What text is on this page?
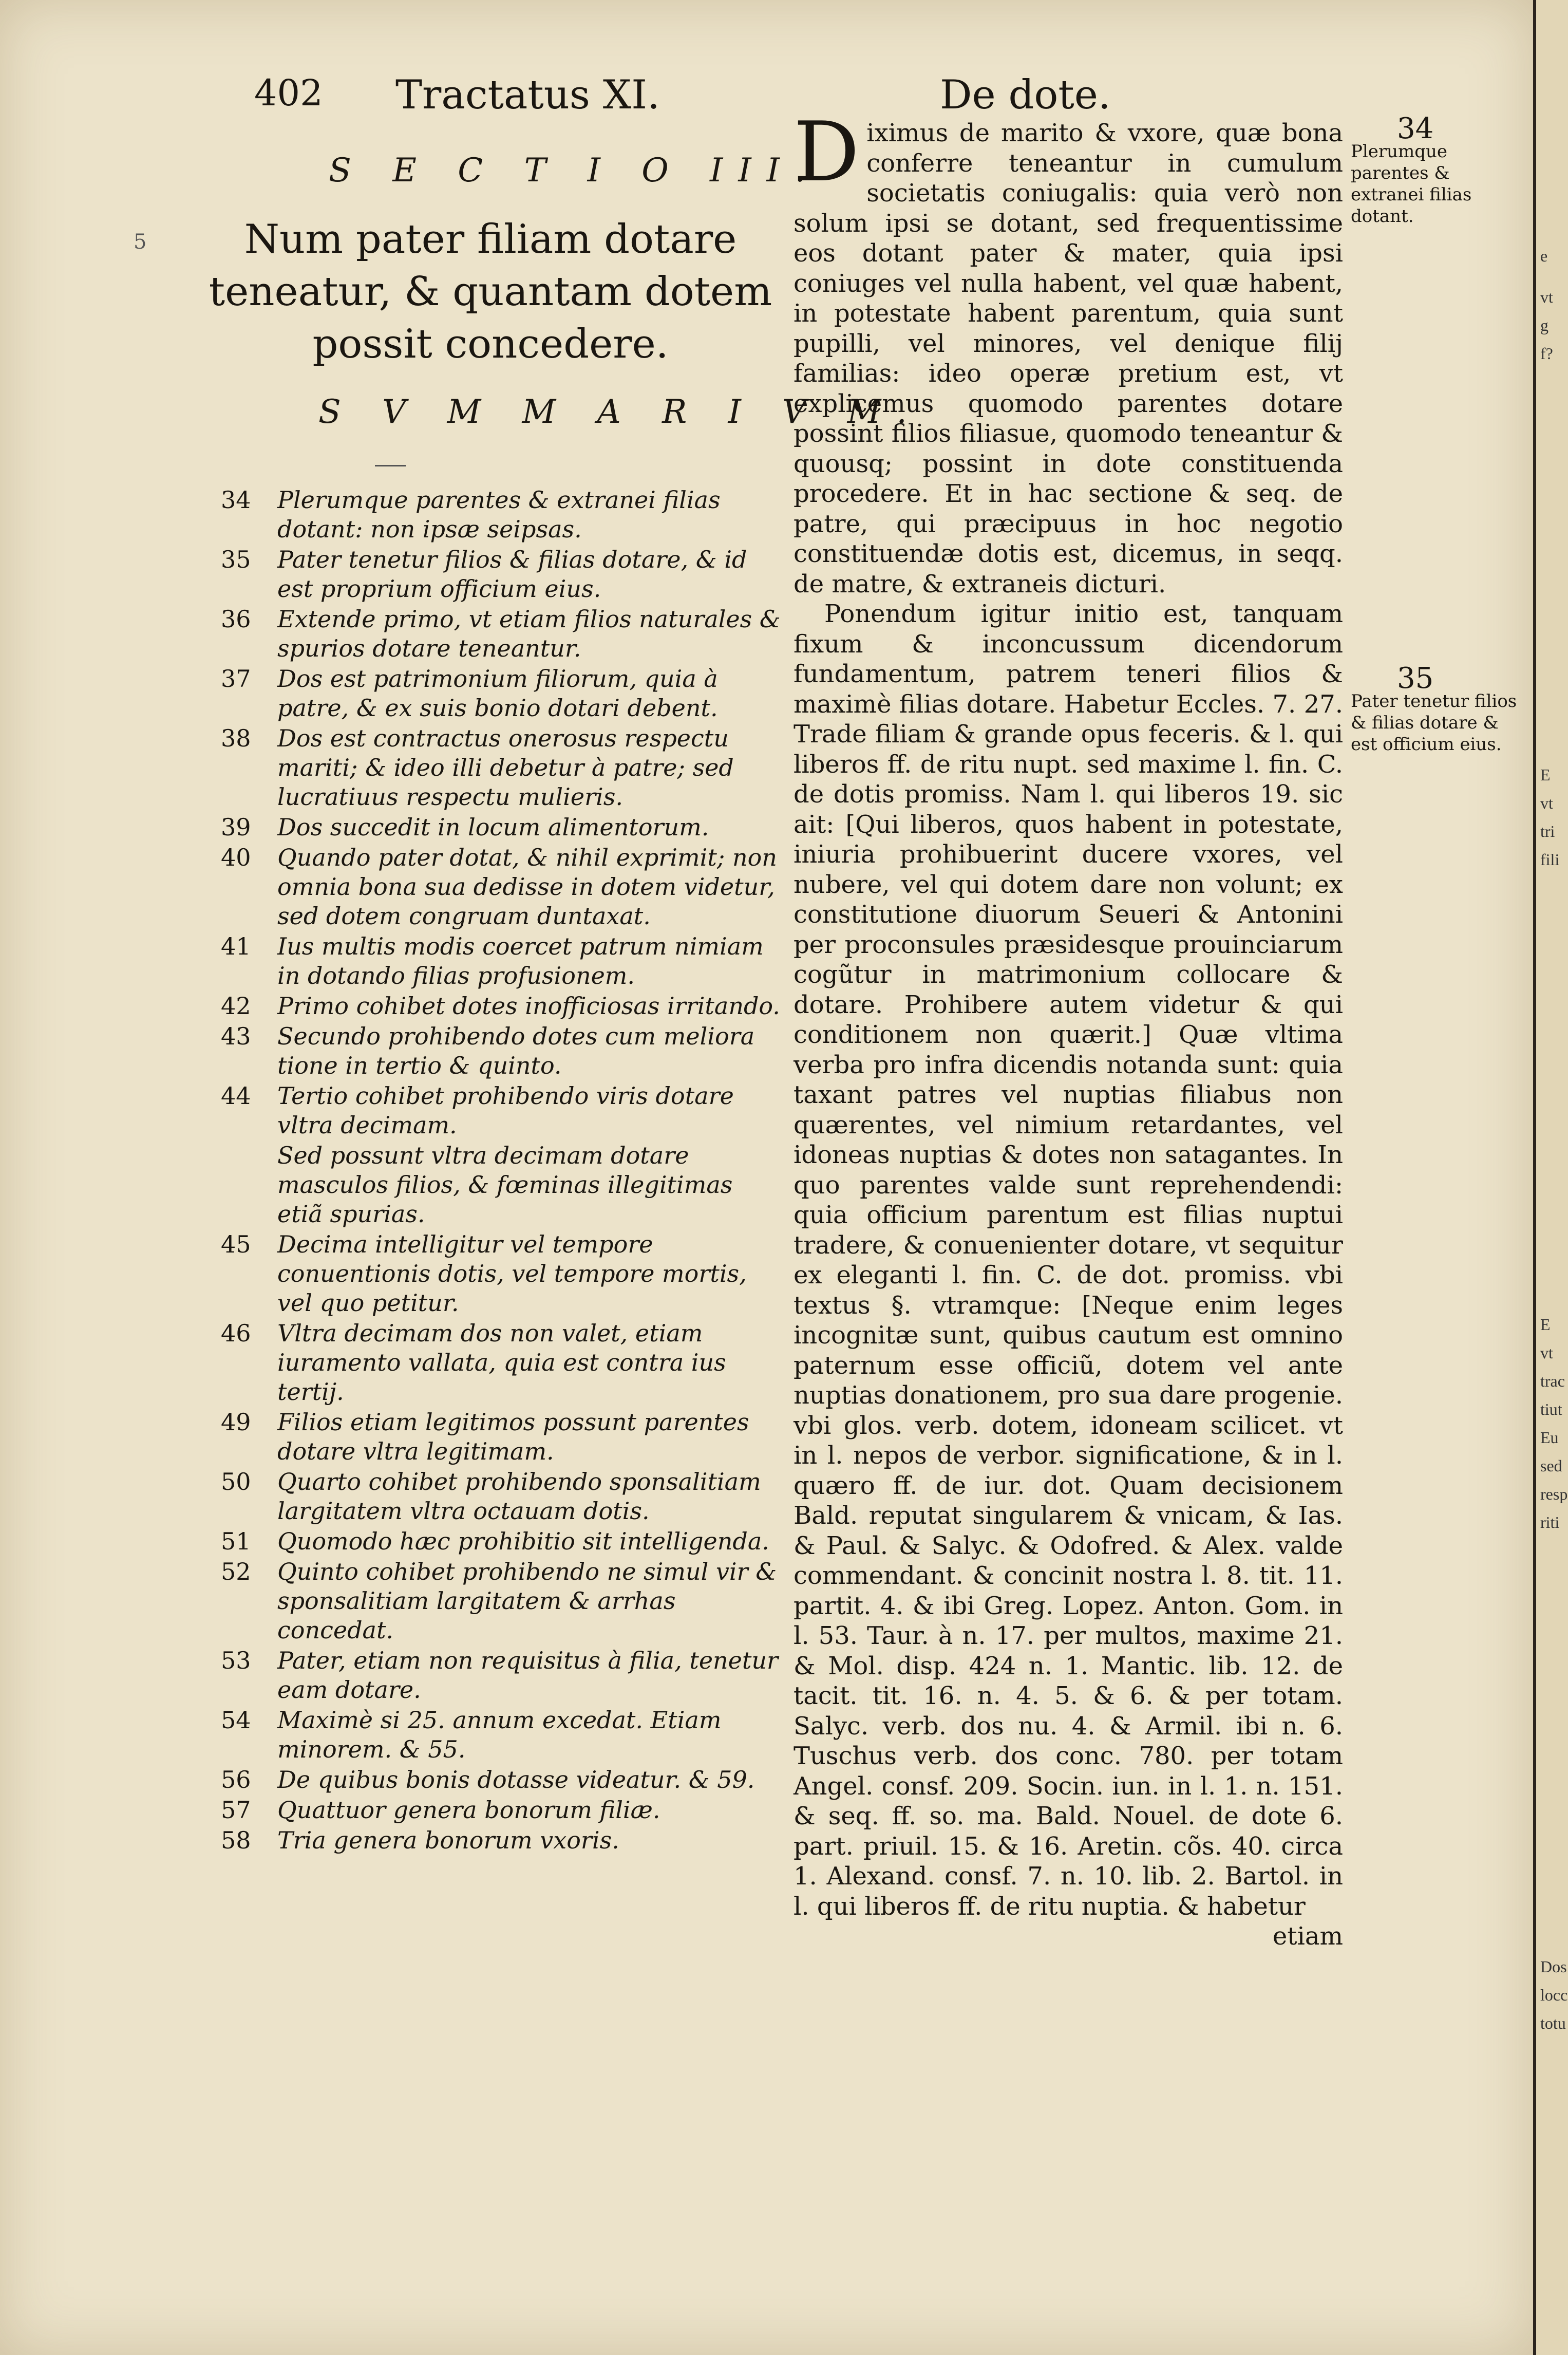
5
402 Tractatus XI.	De dote.
S E C T I O III.
Num pater filiam dotare teneatur, & quantam dotem possit concedere.
S V M M A R I V M.
34 Plerumque parentes & extranei filias dotant: non ipsæ seipsas.
35 Pater tenetur filios & filias dotare, & id est proprium officium eius.
36 Extende primo, vt etiam filios naturales & spurios dotare teneantur.
37 Dos est patrimonium filiorum, quia à patre, & ex suis bonio dotari debent.
38 Dos est contractus onerosus respectu mariti; & ideo illi debetur à patre; sed lucratiuus respectu mulieris.
39 Dos succedit in locum alimentorum.
40 Quando pater dotat, & nihil exprimit; non omnia bona sua dedisse in dotem videtur, sed dotem congruam duntaxat.
41 Ius multis modis coercet patrum nimiam in dotando filias profusionem.
42 Primo cohibet dotes inofficiosas irritando.
43 Secundo prohibendo dotes cum meliora tione in tertio & quinto.
44 Tertio cohibet prohibendo viris dotare vltra decimam.
Sed possunt vltra decimam dotare masculos filios, & fœminas illegitimas etiã spurias.
45 Decima intelligitur vel tempore conuentionis dotis, vel tempore mortis, vel quo petitur.
46 Vltra decimam dos non valet, etiam iuramento vallata, quia est contra ius tertij.
49 Filios etiam legitimos possunt parentes dotare vltra legitimam.
50 Quarto cohibet prohibendo sponsalitiam largitatem vltra octauam dotis.
51 Quomodo hæc prohibitio sit intelligenda.
52 Quinto cohibet prohibendo ne simul vir & sponsalitiam largitatem & arrhas concedat.
53 Pater, etiam non requisitus à filia, tenetur eam dotare.
54 Maximè si 25. annum excedat. Etiam minorem. & 55.
56 De quibus bonis dotasse videatur. & 59.
57 Quattuor genera bonorum filiæ.
58 Tria genera bonorum vxoris.

Diximus de marito & vxore, quæ bona conferre teneantur in cumulum societatis coniugalis: quia verò non solum ipsi se dotant, sed frequentissime eos dotant pater & mater, quia ipsi coniuges vel nulla habent, vel quæ habent, in potestate habent parentum, quia sunt pupilli, vel minores, vel denique filij familias: ideo operæ pretium est, vt explicemus quomodo parentes dotare possint filios filiasue, quomodo teneantur & quousq; possint in dote constituenda procedere. Et in hac sectione & seq. de patre, qui præcipuus in hoc negotio constituendæ dotis est, dicemus, in seqq. de matre, & extraneis dicturi.

Ponendum igitur initio est, tanquam fixum & inconcussum dicendorum fundamentum, patrem teneri filios & maximè filias dotare. Habetur Eccles. 7. 27. Trade filiam & grande opus feceris. & l. qui liberos ff. de ritu nupt. sed maxime l. fin. C. de dotis promiss. Nam l. qui liberos 19. sic ait: [Qui liberos, quos habent in potestate, iniuria prohibuerint ducere vxores, vel nubere, vel qui dotem dare non volunt; ex constitutione diuorum Seueri & Antonini per proconsules præsidesque prouinciarum cogũtur in matrimonium collocare & dotare. Prohibere autem videtur & qui conditionem non quærit.] Quæ vltima verba pro infra dicendis notanda sunt: quia taxant patres vel nuptias filiabus non quærentes, vel nimium retardantes, vel idoneas nuptias & dotes non satagantes. In quo parentes valde sunt reprehendendi: quia officium parentum est filias nuptui tradere, & conuenienter dotare, vt sequitur ex eleganti l. fin. C. de dot. promiss. vbi textus §. vtramque: [Neque enim leges incognitæ sunt, quibus cautum est omnino paternum esse officiũ, dotem vel ante nuptias donationem, pro sua dare progenie. vbi glos. verb. dotem, idoneam scilicet. vt in l. nepos de verbor. significatione, & in l. quæro ff. de iur. dot. Quam decisionem Bald. reputat singularem & vnicam, & Ias. & Paul. & Salyc. & Odofred. & Alex. valde commendant. & concinit nostra l. 8. tit. 11. partit. 4. & ibi Greg. Lopez. Anton. Gom. in l. 53. Taur. à n. 17. per multos, maxime 21. & Mol. disp. 424 n. 1. Mantic. lib. 12. de tacit. tit. 16. n. 4. 5. & 6. & per totam. Salyc. verb. dos nu. 4. & Armil. ibi n. 6. Tuschus verb. dos conc. 780. per totam Angel. consf. 209. Socin. iun. in l. 1. n. 151. & seq. ff. so. ma. Bald. Nouel. de dote 6. part. priuil. 15. & 16. Aretin. cõs. 40. circa 1. Alexand. consf. 7. n. 10. lib. 2. Bartol. in l. qui liberos ff. de ritu nuptia. & habetur

etiam
34
Plerumque parentes & extranei filias dotant.
35
Pater tenetur filios & filias dotare & est officium eius.
e
vt
g
f?
E
vt
tri
fili
E
vt
trac
tiut
Eu
sed
resp
riti
Dos
locc
totu
